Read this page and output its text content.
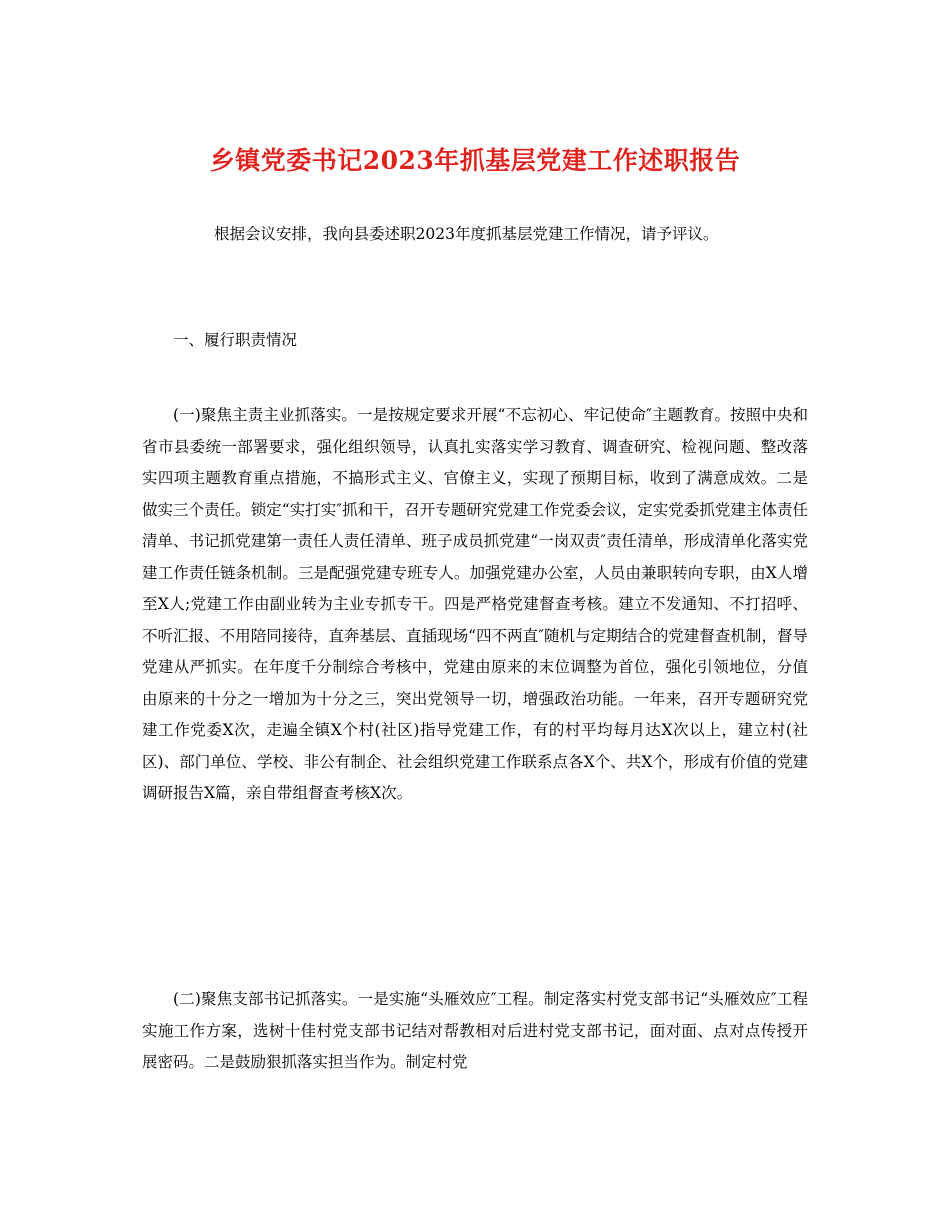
乡镇党委书记2023年抓基层党建工作述职报告

根据会议安排，我向县委述职2023年度抓基层党建工作情况，请予评议。

一、履行职责情况

(一)聚焦主责主业抓落实。一是按规定要求开展“不忘初心、牢记使命″主题教育。按照中央和省市县委统一部署要求，强化组织领导，认真扎实落实学习教育、调查研究、检视问题、整改落实四项主题教育重点措施，不搞形式主义、官僚主义，实现了预期目标，收到了满意成效。二是做实三个责任。锁定“实打实″抓和干，召开专题研究党建工作党委会议，定实党委抓党建主体责任清单、书记抓党建第一责任人责任清单、班子成员抓党建“一岗双责″责任清单，形成清单化落实党建工作责任链条机制。三是配强党建专班专人。加强党建办公室，人员由兼职转向专职，由X人增至X人;党建工作由副业转为主业专抓专干。四是严格党建督查考核。建立不发通知、不打招呼、不听汇报、不用陪同接待，直奔基层、直插现场“四不两直″随机与定期结合的党建督查机制，督导党建从严抓实。在年度千分制综合考核中，党建由原来的末位调整为首位，强化引领地位，分值由原来的十分之一增加为十分之三，突出党领导一切，增强政治功能。一年来，召开专题研究党建工作党委X次，走遍全镇X个村(社区)指导党建工作，有的村平均每月达X次以上，建立村(社区)、部门单位、学校、非公有制企、社会组织党建工作联系点各X个、共X个，形成有价值的党建调研报告X篇，亲自带组督查考核X次。

(二)聚焦支部书记抓落实。一是实施“头雁效应″工程。制定落实村党支部书记“头雁效应″工程实施工作方案，选树十佳村党支部书记结对帮教相对后进村党支部书记，面对面、点对点传授开展密码。二是鼓励狠抓落实担当作为。制定村党
